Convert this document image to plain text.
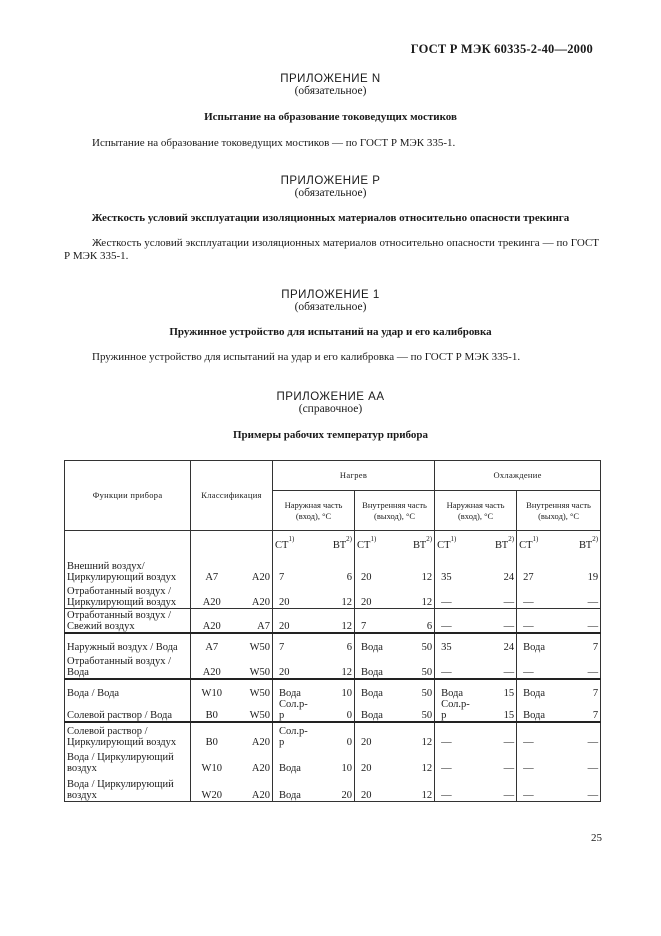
ГОСТ Р МЭК 60335-2-40—2000
ПРИЛОЖЕНИЕ N
(обязательное)
Испытание на образование токоведущих мостиков
Испытание на образование токоведущих мостиков — по ГОСТ Р МЭК 335-1.
ПРИЛОЖЕНИЕ P
(обязательное)
Жесткость условий эксплуатации изоляционных материалов относительно опасности трекинга
Жесткость условий эксплуатации изоляционных материалов относительно опасности трекинга — по ГОСТ Р МЭК 335-1.
ПРИЛОЖЕНИЕ 1
(обязательное)
Пружинное устройство для испытаний на удар и его калибровка
Пружинное устройство для испытаний на удар и его калибровка — по ГОСТ Р МЭК 335-1.
ПРИЛОЖЕНИЕ АА
(справочное)
Примеры рабочих температур прибора
Функции прибора	Классификация		Нагрев				Охлаждение			
			Наружная часть (вход), °С		Внутренняя часть (выход), °С		Наружная часть (вход), °С		Внутренняя часть (выход), °С	
			СТ$^{1)}$	ВТ$^{2)}$	СТ$^{1)}$	ВТ$^{2)}$	СТ$^{1)}$	ВТ$^{2)}$	СТ$^{1)}$	ВТ$^{2)}$
Внешний воздух/ Циркулирующий воздух	A7	A20	7	6	20	12	35	24	27	19
Отработанный воздух / Циркулирующий воздух	A20	A20	20	12	20	12	—	—	—	—
Отработанный воздух / Свежий воздух	A20	A7	20	12	7	6	—	—	—	—
Наружный воздух / Вода	A7	W50	7	6	Вода	50	35	24	Вода	7
Отработанный воздух / Вода	A20	W50	20	12	Вода	50	—	—	—	—
Вода / Вода	W10	W50	Вода	10	Вода	50	Вода	15	Вода	7
Солевой раствор / Вода	B0	W50	Сол.р-р	0	Вода	50	Сол.р-р	15	Вода	7
Солевой раствор / Циркулирующий воздух	B0	A20	Сол.р-р	0	20	12	—	—	—	—
Вода / Циркулирующий воздух	W10	A20	Вода	10	20	12	—	—	—	—
Вода / Циркулирующий воздух	W20	A20	Вода	20	20	12	—	—	—	—
25
